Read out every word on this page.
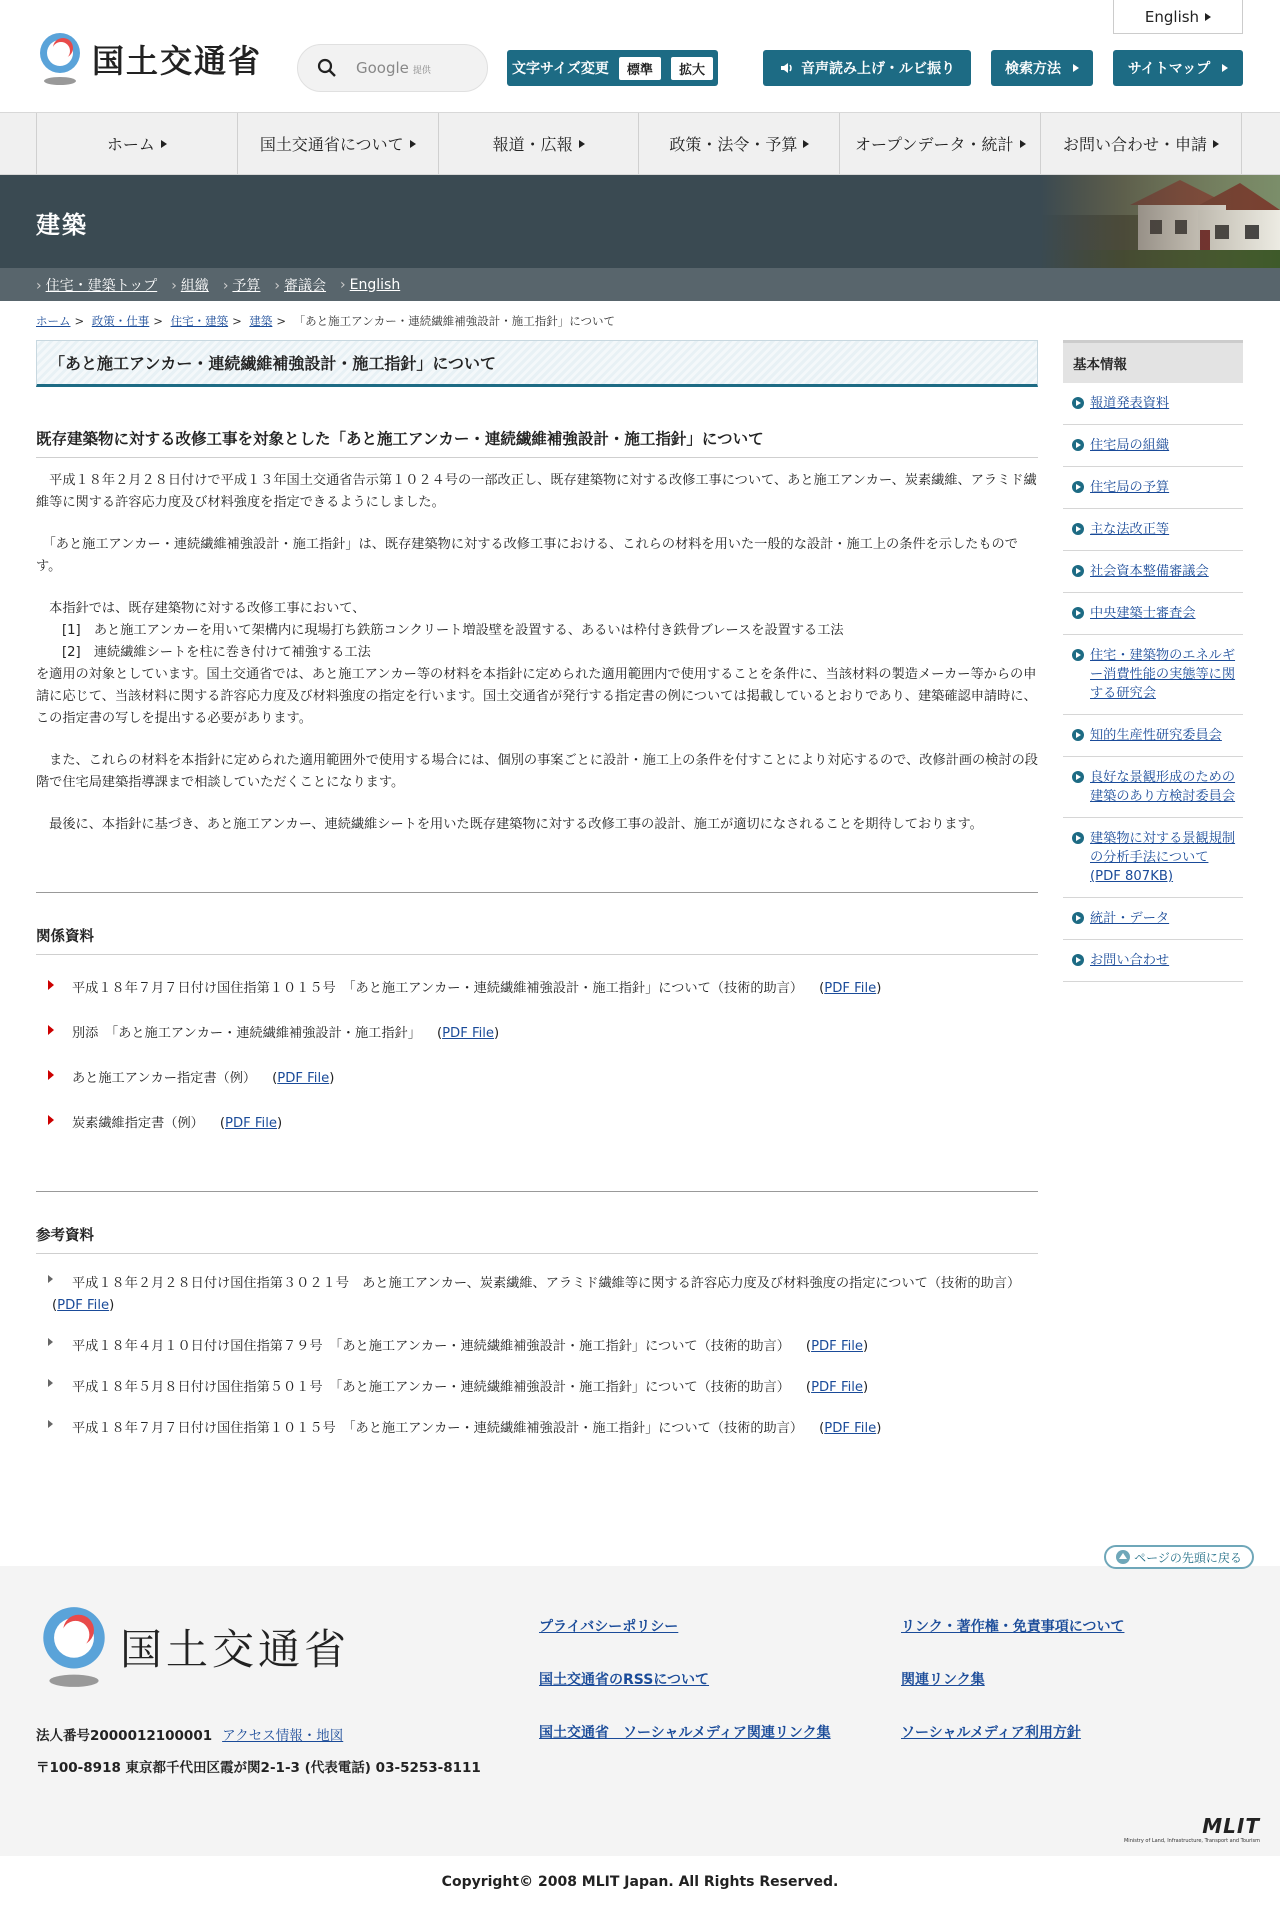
国土交通省	Google 提供
English
文字サイズ変更	標準	拡大	音声読み上げ・ルビ振り	検索方法	サイトマップ
ホーム	国土交通省について	報道・広報	政策・法令・予算	オープンデータ・統計	お問い合わせ・申請
建築
› 住宅・建築トップ	› 組織	› 予算	› 審議会	› English
ホーム > 政策・仕事 > 住宅・建築 > 建築 > 「あと施工アンカー・連続繊維補強設計・施工指針」について
「あと施工アンカー・連続繊維補強設計・施工指針」について
既存建築物に対する改修工事を対象とした「あと施工アンカー・連続繊維補強設計・施工指針」について

　平成１８年２月２８日付けで平成１３年国土交通省告示第１０２４号の一部改正し、既存建築物に対する改修工事について、あと施工アンカー、炭素繊維、アラミド繊維等に関する許容応力度及び材料強度を指定できるようにしました。

　「あと施工アンカー・連続繊維補強設計・施工指針」は、既存建築物に対する改修工事における、これらの材料を用いた一般的な設計・施工上の条件を示したものです。

　本指針では、既存建築物に対する改修工事において、
[1]　あと施工アンカーを用いて架構内に現場打ち鉄筋コンクリート増設壁を設置する、あるいは枠付き鉄骨ブレースを設置する工法
[2]　連続繊維シートを柱に巻き付けて補強する工法
を適用の対象としています。国土交通省では、あと施工アンカー等の材料を本指針に定められた適用範囲内で使用することを条件に、当該材料の製造メーカー等からの申請に応じて、当該材料に関する許容応力度及び材料強度の指定を行います。国土交通省が発行する指定書の例については掲載しているとおりであり、建築確認申請時に、この指定書の写しを提出する必要があります。

　また、これらの材料を本指針に定められた適用範囲外で使用する場合には、個別の事案ごとに設計・施工上の条件を付すことにより対応するので、改修計画の検討の段階で住宅局建築指導課まで相談していただくことになります。

　最後に、本指針に基づき、あと施工アンカー、連続繊維シートを用いた既存建築物に対する改修工事の設計、施工が適切になされることを期待しております。

関係資料
平成１８年７月７日付け国住指第１０１５号　「あと施工アンカー・連続繊維補強設計・施工指針」について（技術的助言） (PDF File)
別添　「あと施工アンカー・連続繊維補強設計・施工指針」 (PDF File)
あと施工アンカー指定書（例） (PDF File)
炭素繊維指定書（例） (PDF File)
参考資料
平成１８年２月２８日付け国住指第３０２１号　あと施工アンカー、炭素繊維、アラミド繊維等に関する許容応力度及び材料強度の指定について（技術的助言）(PDF File)
平成１８年４月１０日付け国住指第７９号　「あと施工アンカー・連続繊維補強設計・施工指針」について（技術的助言） (PDF File)
平成１８年５月８日付け国住指第５０１号　「あと施工アンカー・連続繊維補強設計・施工指針」について（技術的助言） (PDF File)
平成１８年７月７日付け国住指第１０１５号　「あと施工アンカー・連続繊維補強設計・施工指針」について（技術的助言） (PDF File)
基本情報
報道発表資料
住宅局の組織
住宅局の予算
主な法改正等
社会資本整備審議会
中央建築士審査会
住宅・建築物のエネルギー消費性能の実態等に関する研究会
知的生産性研究委員会
良好な景観形成のための建築のあり方検討委員会
建築物に対する景観規制の分析手法について(PDF 807KB)
統計・データ
お問い合わせ
国土交通省
法人番号2000012100001 アクセス情報・地図
〒100-8918 東京都千代田区霞が関2-1-3 (代表電話) 03-5253-8111
プライバシーポリシー
国土交通省のRSSについて
国土交通省　ソーシャルメディア関連リンク集
リンク・著作権・免責事項について
関連リンク集
ソーシャルメディア利用方針
MLIT
Ministry of Land, Infrastructure, Transport and Tourism
ページの先頭に戻る
Copyright© 2008 MLIT Japan. All Rights Reserved.
